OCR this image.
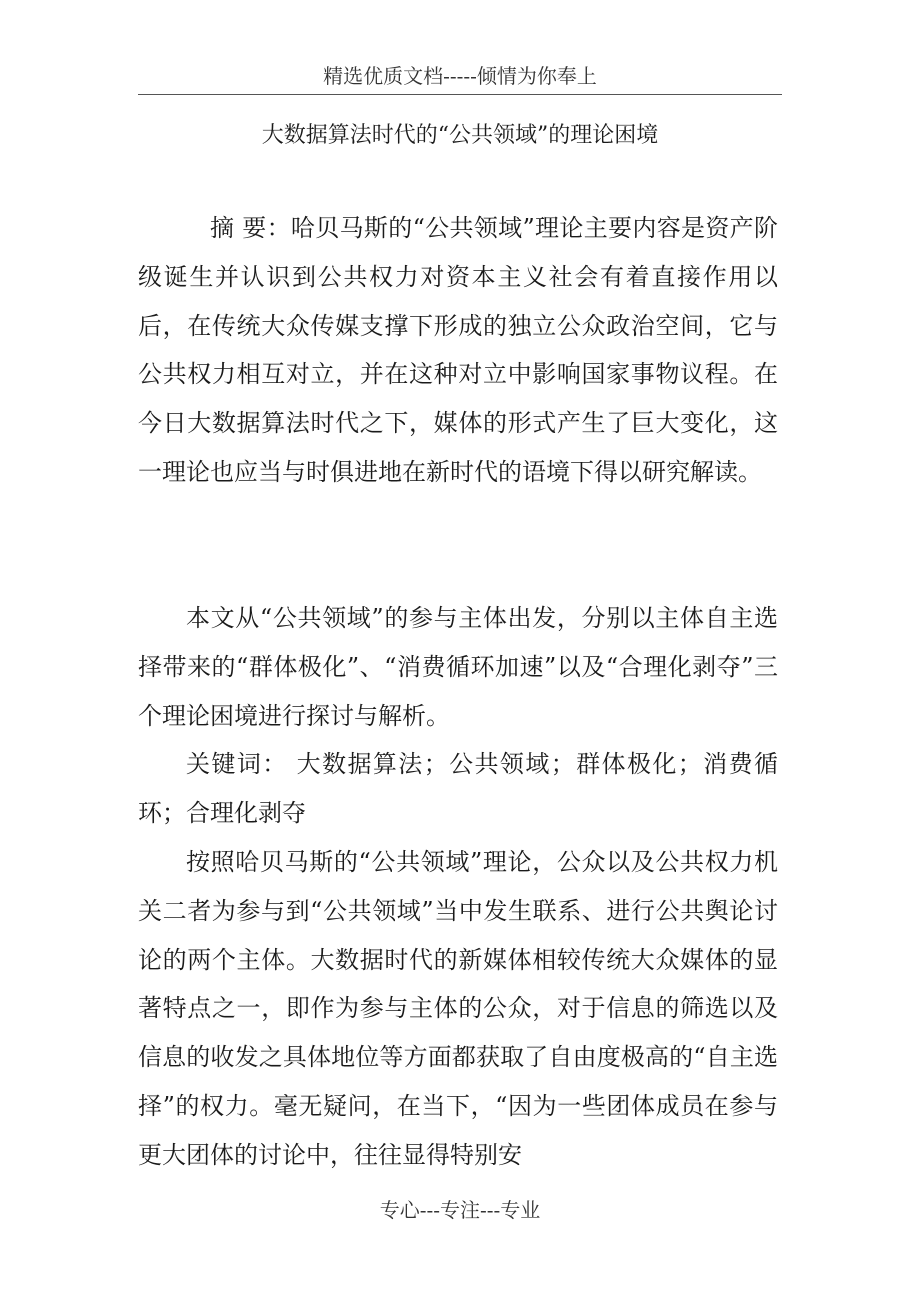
精选优质文档-----倾情为你奉上
大数据算法时代的“公共领域”的理论困境

摘 要：哈贝马斯的“公共领域”理论主要内容是资产阶级诞生并认识到公共权力对资本主义社会有着直接作用以后，在传统大众传媒支撑下形成的独立公众政治空间，它与公共权力相互对立，并在这种对立中影响国家事物议程。在今日大数据算法时代之下，媒体的形式产生了巨大变化，这一理论也应当与时俱进地在新时代的语境下得以研究解读。

本文从“公共领域”的参与主体出发，分别以主体自主选择带来的“群体极化”、“消费循环加速”以及“合理化剥夺”三个理论困境进行探讨与解析。

关键词： 大数据算法；公共领域；群体极化；消费循环；合理化剥夺

按照哈贝马斯的“公共领域”理论，公众以及公共权力机关二者为参与到“公共领域”当中发生联系、进行公共舆论讨论的两个主体。大数据时代的新媒体相较传统大众媒体的显著特点之一，即作为参与主体的公众，对于信息的筛选以及信息的收发之具体地位等方面都获取了自由度极高的“自主选择”的权力。毫无疑问，在当下，“因为一些团体成员在参与更大团体的讨论中，往往显得特别安

专心---专注---专业
